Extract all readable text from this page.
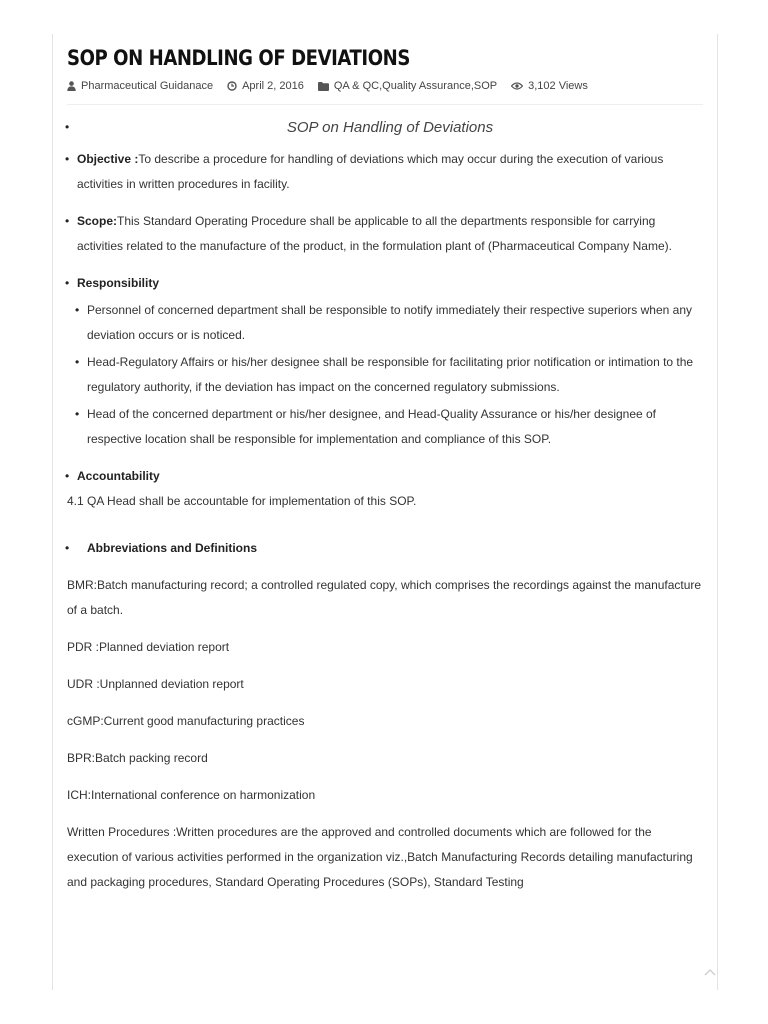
SOP ON HANDLING OF DEVIATIONS
Pharmaceutical Guidanace	April 2, 2016	QA & QC , Quality Assurance , SOP	3,102 Views
•	SOP on Handling of Deviations
• Objective :To describe a procedure for handling of deviations which may occur during the execution of various activities in written procedures in facility.
• Scope:This Standard Operating Procedure shall be applicable to all the departments responsible for carrying activities related to the manufacture of the product, in the formulation plant of (Pharmaceutical Company Name).
• Responsibility
• Personnel of concerned department shall be responsible to notify immediately their respective superiors when any deviation occurs or is noticed.
• Head-Regulatory Affairs or his/her designee shall be responsible for facilitating prior notification or intimation to the regulatory authority, if the deviation has impact on the concerned regulatory submissions.
• Head of the concerned department or his/her designee, and Head-Quality Assurance or his/her designee of respective location shall be responsible for implementation and compliance of this SOP.
• Accountability

4.1 QA Head shall be accountable for implementation of this SOP.

• Abbreviations and Definitions

BMR:Batch manufacturing record; a controlled regulated copy, which comprises the recordings against the manufacture of a batch.

PDR :Planned deviation report

UDR :Unplanned deviation report

cGMP:Current good manufacturing practices

BPR:Batch packing record

ICH:International conference on harmonization

Written Procedures :Written procedures are the approved and controlled documents which are followed for the execution of various activities performed in the organization viz.,Batch Manufacturing Records detailing manufacturing and packaging procedures, Standard Operating Procedures (SOPs), Standard Testing
